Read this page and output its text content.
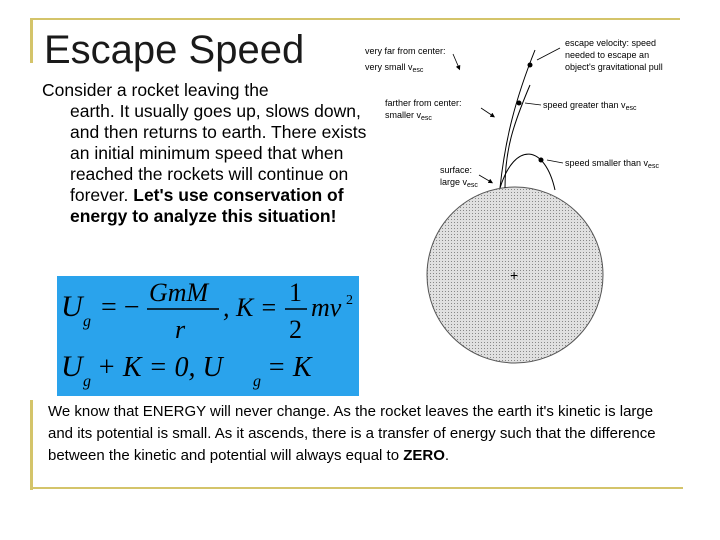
Escape Speed
Consider a rocket leaving the
earth. It usually goes up, slows down, and then returns to earth. There exists an initial minimum speed that when reached the rockets will continue on forever. Let's use conservation of energy to analyze this situation!
U g = − GmM
r
, K =
1
2
mv 2
U g + K = 0, U g = K
+
very far from center:
very small $v_{esc}$
farther from center:
smaller $v_{esc}$
surface:
large $v_{esc}$
escape velocity: speed
needed to escape an
object's gravitational pull
speed greater than $v_{esc}$
speed smaller than $v_{esc}$
We know that ENERGY will never change. As the rocket leaves the earth it's kinetic is large and its potential is small. As it ascends, there is a transfer of energy such that the difference between the kinetic and potential will always equal to ZERO.
